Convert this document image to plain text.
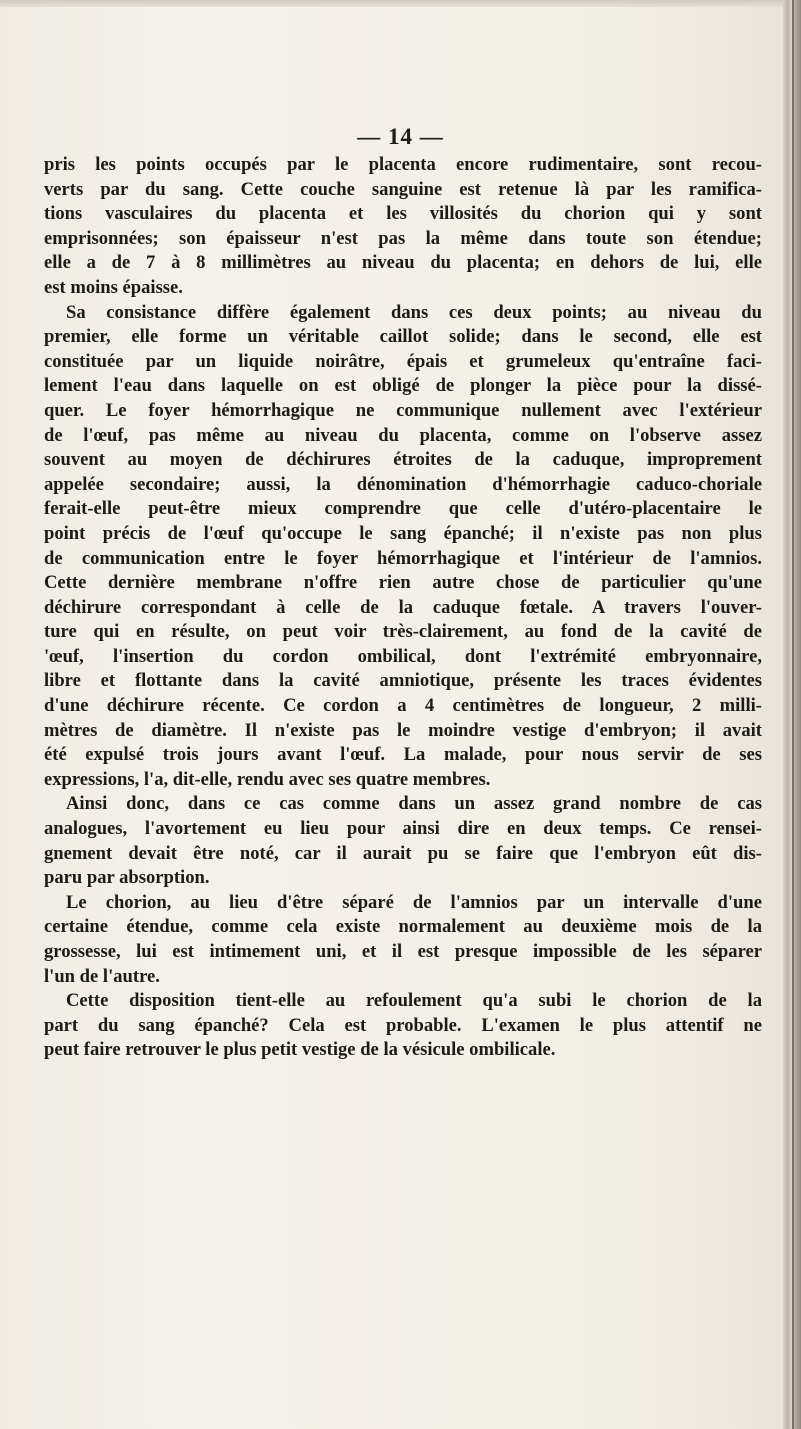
— 14 —
pris les points occupés par le placenta encore rudimentaire, sont recou-
verts par du sang. Cette couche sanguine est retenue là par les ramifica-
tions vasculaires du placenta et les villosités du chorion qui y sont
emprisonnées; son épaisseur n'est pas la même dans toute son étendue;
elle a de 7 à 8 millimètres au niveau du placenta; en dehors de lui, elle
est moins épaisse.
Sa consistance diffère également dans ces deux points; au niveau du
premier, elle forme un véritable caillot solide; dans le second, elle est
constituée par un liquide noirâtre, épais et grumeleux qu'entraîne faci-
lement l'eau dans laquelle on est obligé de plonger la pièce pour la dissé-
quer. Le foyer hémorrhagique ne communique nullement avec l'extérieur
de l'œuf, pas même au niveau du placenta, comme on l'observe assez
souvent au moyen de déchirures étroites de la caduque, improprement
appelée secondaire; aussi, la dénomination d'hémorrhagie caduco-choriale
ferait-elle peut-être mieux comprendre que celle d'utéro-placentaire le
point précis de l'œuf qu'occupe le sang épanché; il n'existe pas non plus
de communication entre le foyer hémorrhagique et l'intérieur de l'amnios.
Cette dernière membrane n'offre rien autre chose de particulier qu'une
déchirure correspondant à celle de la caduque fœtale. A travers l'ouver-
ture qui en résulte, on peut voir très-clairement, au fond de la cavité de
'œuf, l'insertion du cordon ombilical, dont l'extrémité embryonnaire,
libre et flottante dans la cavité amniotique, présente les traces évidentes
d'une déchirure récente. Ce cordon a 4 centimètres de longueur, 2 milli-
mètres de diamètre. Il n'existe pas le moindre vestige d'embryon; il avait
été expulsé trois jours avant l'œuf. La malade, pour nous servir de ses
expressions, l'a, dit-elle, rendu avec ses quatre membres.
Ainsi donc, dans ce cas comme dans un assez grand nombre de cas
analogues, l'avortement eu lieu pour ainsi dire en deux temps. Ce rensei-
gnement devait être noté, car il aurait pu se faire que l'embryon eût dis-
paru par absorption.
Le chorion, au lieu d'être séparé de l'amnios par un intervalle d'une
certaine étendue, comme cela existe normalement au deuxième mois de la
grossesse, lui est intimement uni, et il est presque impossible de les séparer
l'un de l'autre.
Cette disposition tient-elle au refoulement qu'a subi le chorion de la
part du sang épanché? Cela est probable. L'examen le plus attentif ne
peut faire retrouver le plus petit vestige de la vésicule ombilicale.
